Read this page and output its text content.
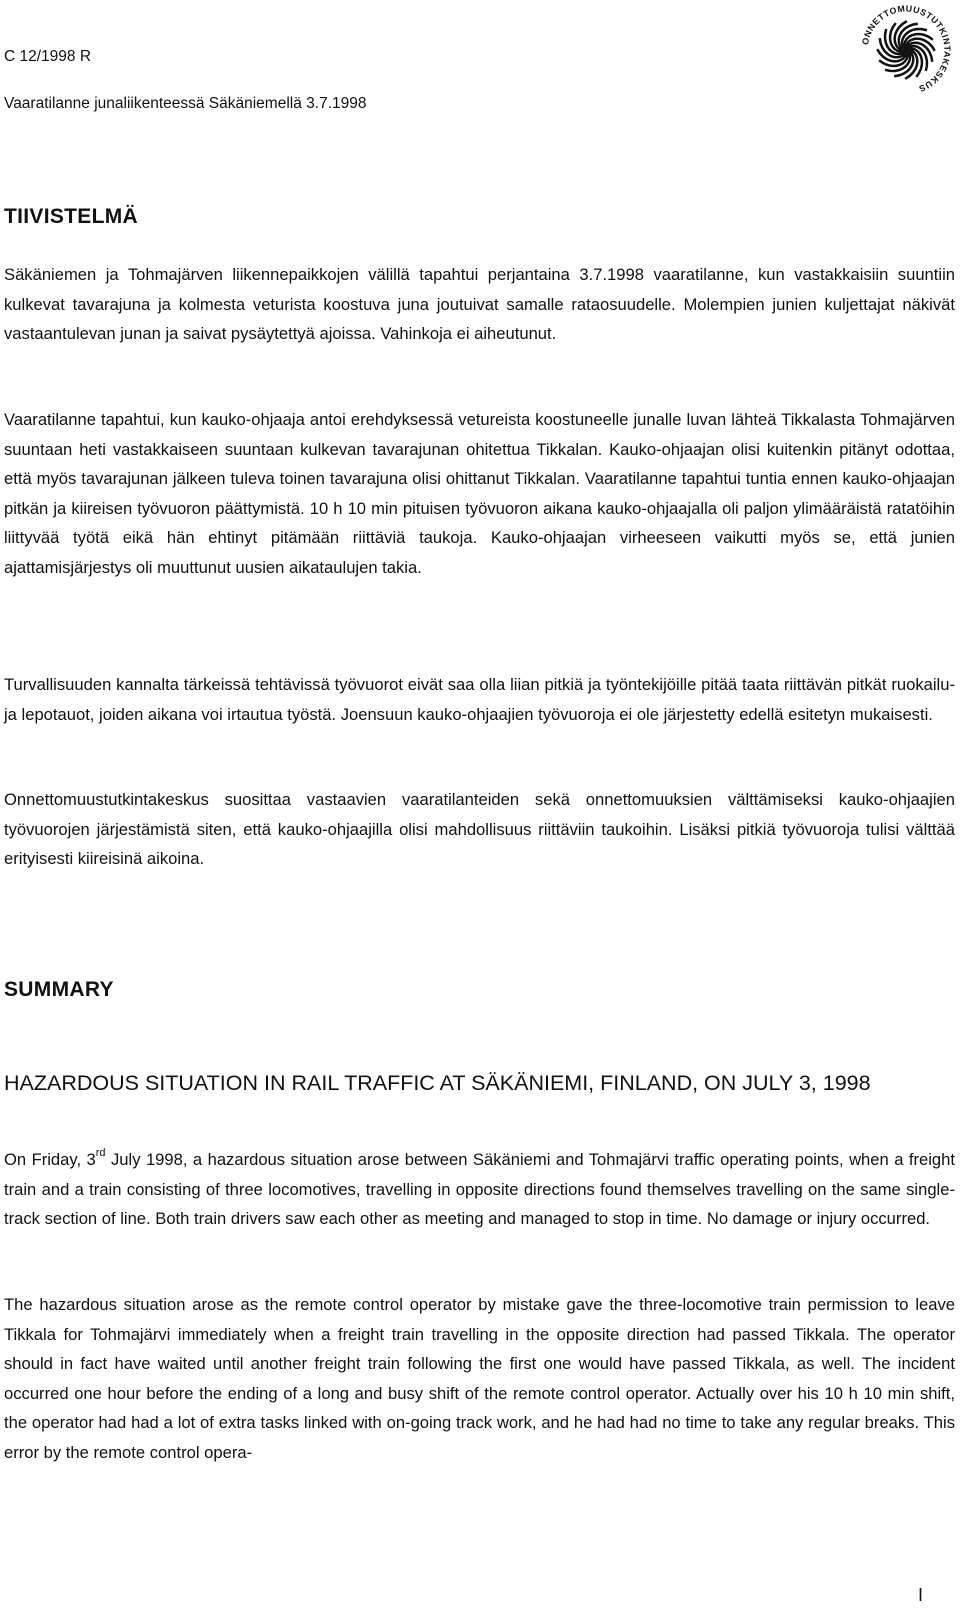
C 12/1998 R
Vaaratilanne junaliikenteessä Säkäniemellä 3.7.1998
ONNETTOMUUSTUTKINTAKESKUS
TIIVISTELMÄ

Säkäniemen ja Tohmajärven liikennepaikkojen välillä tapahtui perjantaina 3.7.1998 vaaratilanne, kun vastakkaisiin suuntiin kulkevat tavarajuna ja kolmesta veturista koostuva juna joutuivat samalle rataosuudelle. Molempien junien kuljettajat näkivät vastaantulevan junan ja saivat pysäytettyä ajoissa. Vahinkoja ei aiheutunut.

Vaaratilanne tapahtui, kun kauko-ohjaaja antoi erehdyksessä vetureista koostuneelle junalle luvan lähteä Tikkalasta Tohmajärven suuntaan heti vastakkaiseen suuntaan kulkevan tavarajunan ohitettua Tikkalan. Kauko-ohjaajan olisi kuitenkin pitänyt odottaa, että myös tavarajunan jälkeen tuleva toinen tavarajuna olisi ohittanut Tikkalan. Vaaratilanne tapahtui tuntia ennen kauko-ohjaajan pitkän ja kiireisen työvuoron päättymistä. 10 h 10 min pituisen työvuoron aikana kauko-ohjaajalla oli paljon ylimääräistä ratatöihin liittyvää työtä eikä hän ehtinyt pitämään riittäviä taukoja. Kauko-ohjaajan virheeseen vaikutti myös se, että junien ajattamisjärjestys oli muuttunut uusien aikataulujen takia.

Turvallisuuden kannalta tärkeissä tehtävissä työvuorot eivät saa olla liian pitkiä ja työntekijöille pitää taata riittävän pitkät ruokailu- ja lepotauot, joiden aikana voi irtautua työstä. Joensuun kauko-ohjaajien työvuoroja ei ole järjestetty edellä esitetyn mukaisesti.

Onnettomuustutkintakeskus suosittaa vastaavien vaaratilanteiden sekä onnettomuuksien välttämiseksi kauko-ohjaajien työvuorojen järjestämistä siten, että kauko-ohjaajilla olisi mahdollisuus riittäviin taukoihin. Lisäksi pitkiä työvuoroja tulisi välttää erityisesti kiireisinä aikoina.

SUMMARY
HAZARDOUS SITUATION IN RAIL TRAFFIC AT SÄKÄNIEMI, FINLAND, ON JULY 3, 1998

On Friday, 3rd July 1998, a hazardous situation arose between Säkäniemi and Tohmajärvi traffic operating points, when a freight train and a train consisting of three locomotives, travelling in opposite directions found themselves travelling on the same single-track section of line. Both train drivers saw each other as meeting and managed to stop in time. No damage or injury occurred.

The hazardous situation arose as the remote control operator by mistake gave the three-locomotive train permission to leave Tikkala for Tohmajärvi immediately when a freight train travelling in the opposite direction had passed Tikkala. The operator should in fact have waited until another freight train following the first one would have passed Tikkala, as well. The incident occurred one hour before the ending of a long and busy shift of the remote control operator. Actually over his 10 h 10 min shift, the operator had had a lot of extra tasks linked with on-going track work, and he had had no time to take any regular breaks. This error by the remote control opera-

I
